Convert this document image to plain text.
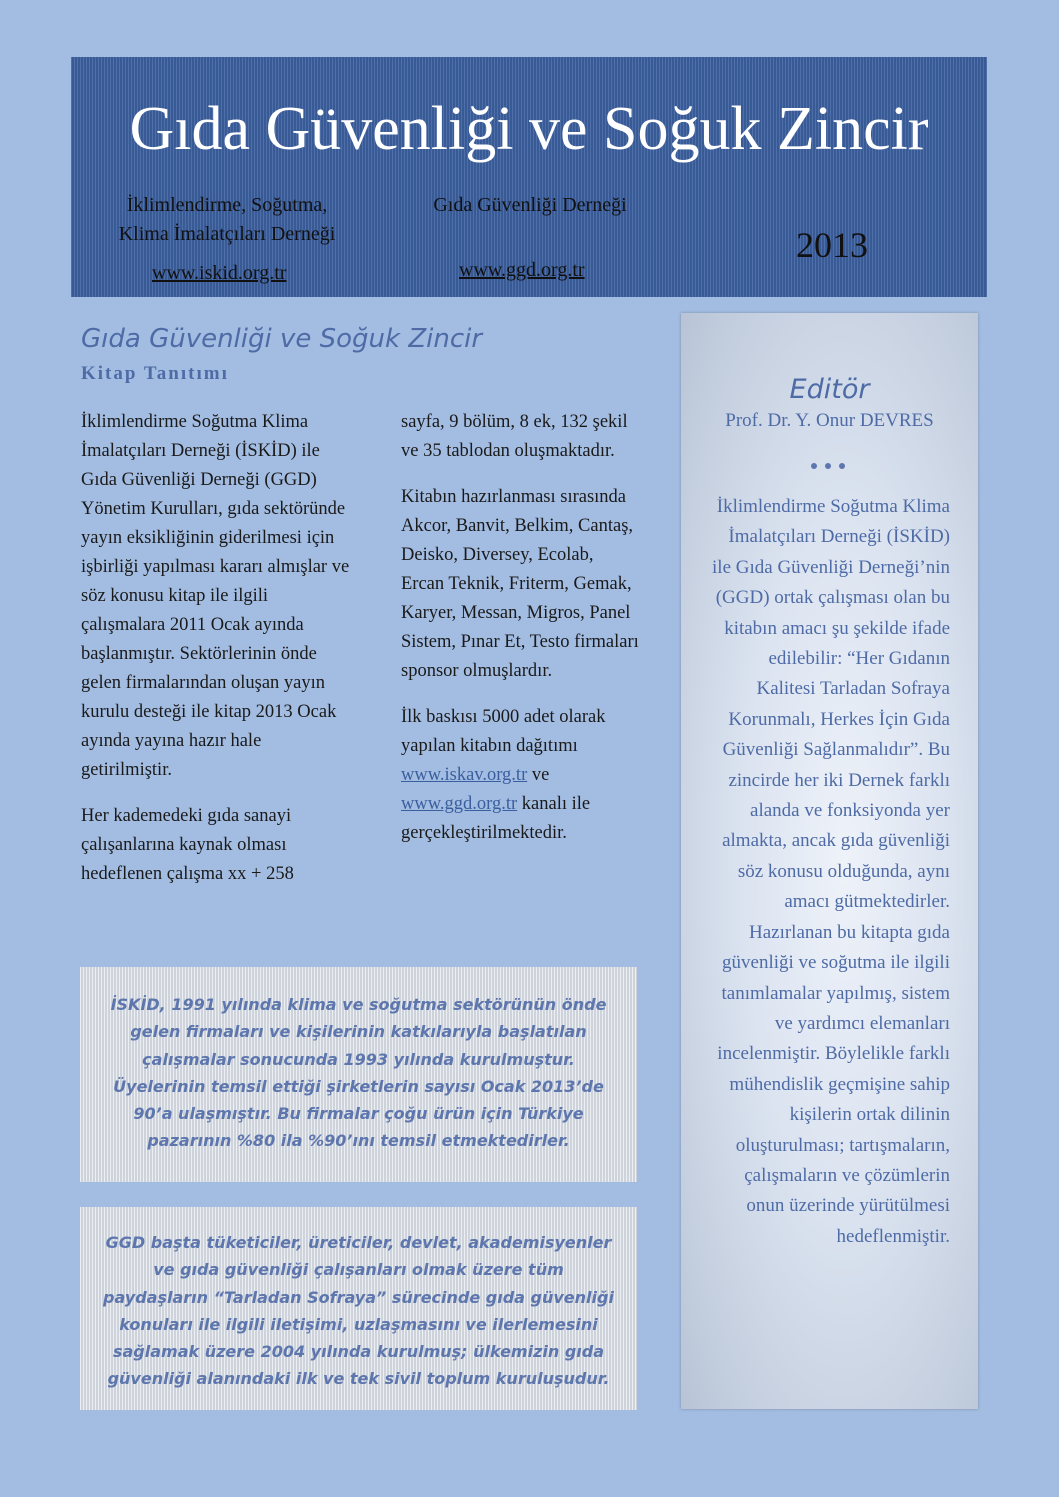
Gıda Güvenliği ve Soğuk Zincir
İklimlendirme, Soğutma,
Klima İmalatçıları Derneği
Gıda Güvenliği Derneği
www.iskid.org.tr	www.ggd.org.tr
2013
Gıda Güvenliği ve Soğuk Zincir
Kitap Tanıtımı

İklimlendirme Soğutma Klima İmalatçıları Derneği (İSKİD) ile Gıda Güvenliği Derneği (GGD) Yönetim Kurulları, gıda sektöründe yayın eksikliğinin giderilmesi için işbirliği yapılması kararı almışlar ve söz konusu kitap ile ilgili çalışmalara 2011 Ocak ayında başlanmıştır. Sektörlerinin önde gelen firmalarından oluşan yayın kurulu desteği ile kitap 2013 Ocak ayında yayına hazır hale getirilmiştir.

Her kademedeki gıda sanayi çalışanlarına kaynak olması hedeflenen çalışma xx + 258

sayfa, 9 bölüm, 8 ek, 132 şekil ve 35 tablodan oluşmaktadır.

Kitabın hazırlanması sırasında Akcor, Banvit, Belkim, Cantaş, Deisko, Diversey, Ecolab, Ercan Teknik, Friterm, Gemak, Karyer, Messan, Migros, Panel Sistem, Pınar Et, Testo firmaları sponsor olmuşlardır.

İlk baskısı 5000 adet olarak yapılan kitabın dağıtımı www.iskav.org.tr ve www.ggd.org.tr kanalı ile gerçekleştirilmektedir.

İSKİD, 1991 yılında klima ve soğutma sektörünün önde gelen firmaları ve kişilerinin katkılarıyla başlatılan çalışmalar sonucunda 1993 yılında kurulmuştur. Üyelerinin temsil ettiği şirketlerin sayısı Ocak 2013’de 90’a ulaşmıştır. Bu firmalar çoğu ürün için Türkiye pazarının %80 ila %90’ını temsil etmektedirler.
GGD başta tüketiciler, üreticiler, devlet, akademisyenler ve gıda güvenliği çalışanları olmak üzere tüm paydaşların “Tarladan Sofraya” sürecinde gıda güvenliği konuları ile ilgili iletişimi, uzlaşmasını ve ilerlemesini sağlamak üzere 2004 yılında kurulmuş; ülkemizin gıda güvenliği alanındaki ilk ve tek sivil toplum kuruluşudur.
Editör
Prof. Dr. Y. Onur DEVRES
İklimlendirme Soğutma Klima İmalatçıları Derneği (İSKİD) ile Gıda Güvenliği Derneği’nin (GGD) ortak çalışması olan bu kitabın amacı şu şekilde ifade edilebilir: “Her Gıdanın Kalitesi Tarladan Sofraya Korunmalı, Herkes İçin Gıda Güvenliği Sağlanmalıdır”. Bu zincirde her iki Dernek farklı alanda ve fonksiyonda yer almakta, ancak gıda güvenliği söz konusu olduğunda, aynı amacı gütmektedirler. Hazırlanan bu kitapta gıda güvenliği ve soğutma ile ilgili tanımlamalar yapılmış, sistem ve yardımcı elemanları incelenmiştir. Böylelikle farklı mühendislik geçmişine sahip kişilerin ortak dilinin oluşturulması; tartışmaların, çalışmaların ve çözümlerin onun üzerinde yürütülmesi hedeflenmiştir.
